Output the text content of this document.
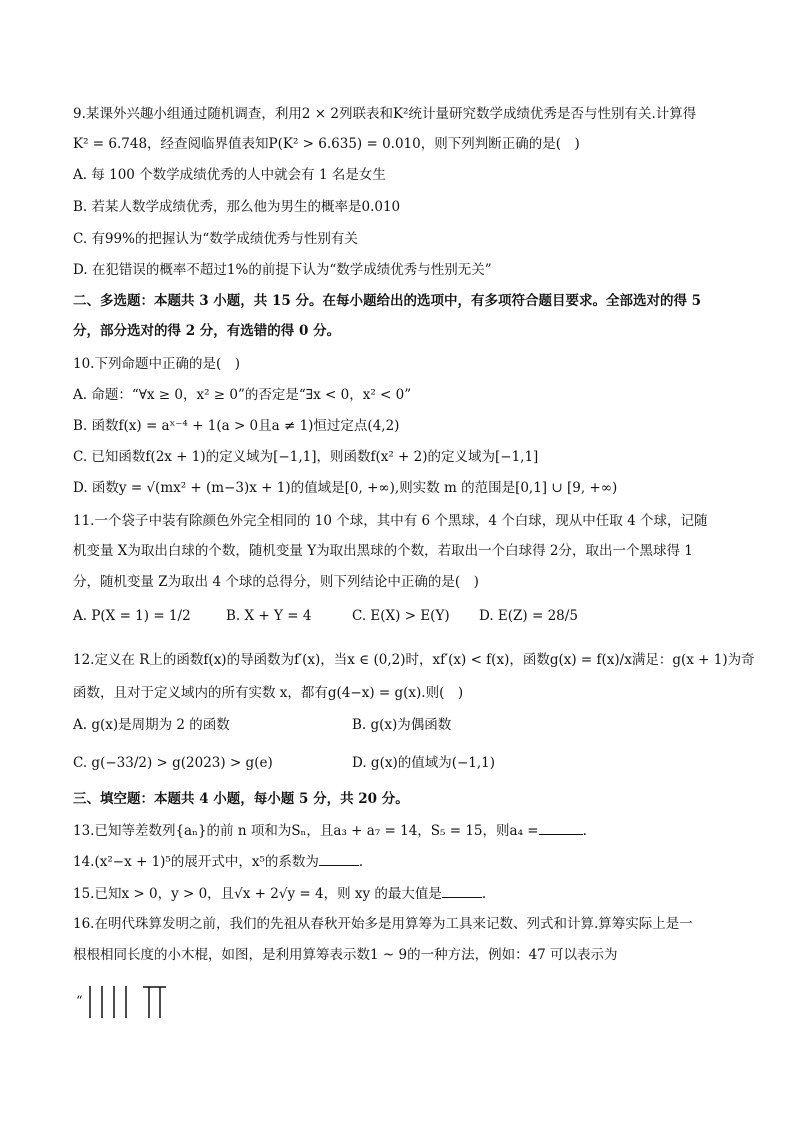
9.某课外兴趣小组通过随机调查，利用2 × 2列联表和K²统计量研究数学成绩优秀是否与性别有关.计算得
K² = 6.748，经查阅临界值表知P(K² > 6.635) = 0.010，则下列判断正确的是(　)
A. 每 100 个数学成绩优秀的人中就会有 1 名是女生
B. 若某人数学成绩优秀，那么他为男生的概率是0.010
C. 有99%的把握认为“数学成绩优秀与性别有关
D. 在犯错误的概率不超过1%的前提下认为“数学成绩优秀与性别无关”
二、多选题：本题共 3 小题，共 15 分。在每小题给出的选项中，有多项符合题目要求。全部选对的得 5
分，部分选对的得 2 分，有选错的得 0 分。
10.下列命题中正确的是(　)
A. 命题：“∀x ≥ 0，x² ≥ 0”的否定是“∃x < 0，x² < 0”
B. 函数f(x) = aˣ⁻⁴ + 1(a > 0且a ≠ 1)恒过定点(4,2)
C. 已知函数f(2x + 1)的定义域为[−1,1]，则函数f(x² + 2)的定义域为[−1,1]
D. 函数y = √(mx² + (m−3)x + 1)的值域是[0, +∞),则实数 m 的范围是[0,1] ∪ [9, +∞)
11.一个袋子中装有除颜色外完全相同的 10 个球，其中有 6 个黑球，4 个白球，现从中任取 4 个球，记随
机变量 X为取出白球的个数，随机变量 Y为取出黑球的个数，若取出一个白球得 2分，取出一个黑球得 1
分，随机变量 Z为取出 4 个球的总得分，则下列结论中正确的是(　)
A. P(X = 1) = 1/2	B. X + Y = 4	C. E(X) > E(Y) D. E(Z) = 28/5
12.定义在 R上的函数f(x)的导函数为f′(x)，当x ∈ (0,2)时，xf′(x) < f(x)，函数g(x) = f(x)/x满足：g(x + 1)为奇
函数，且对于定义域内的所有实数 x，都有g(4−x) = g(x).则(　)
A. g(x)是周期为 2 的函数	B. g(x)为偶函数
C. g(−33/2) > g(2023) > g(e)	D. g(x)的值域为(−1,1)
三、填空题：本题共 4 小题，每小题 5 分，共 20 分。
13.已知等差数列{aₙ}的前 n 项和为Sₙ，且a₃ + a₇ = 14，S₅ = 15，则a₄ =	.
14.(x²−x + 1)⁵的展开式中，x⁵的系数为	.
15.已知x > 0，y > 0，且√x + 2√y = 4，则 xy 的最大值是	.
16.在明代珠算发明之前，我们的先祖从春秋开始多是用算筹为工具来记数、列式和计算.算筹实际上是一
根根相同长度的小木棍，如图，是利用算筹表示数1 ~ 9的一种方法，例如：47 可以表示为
“
